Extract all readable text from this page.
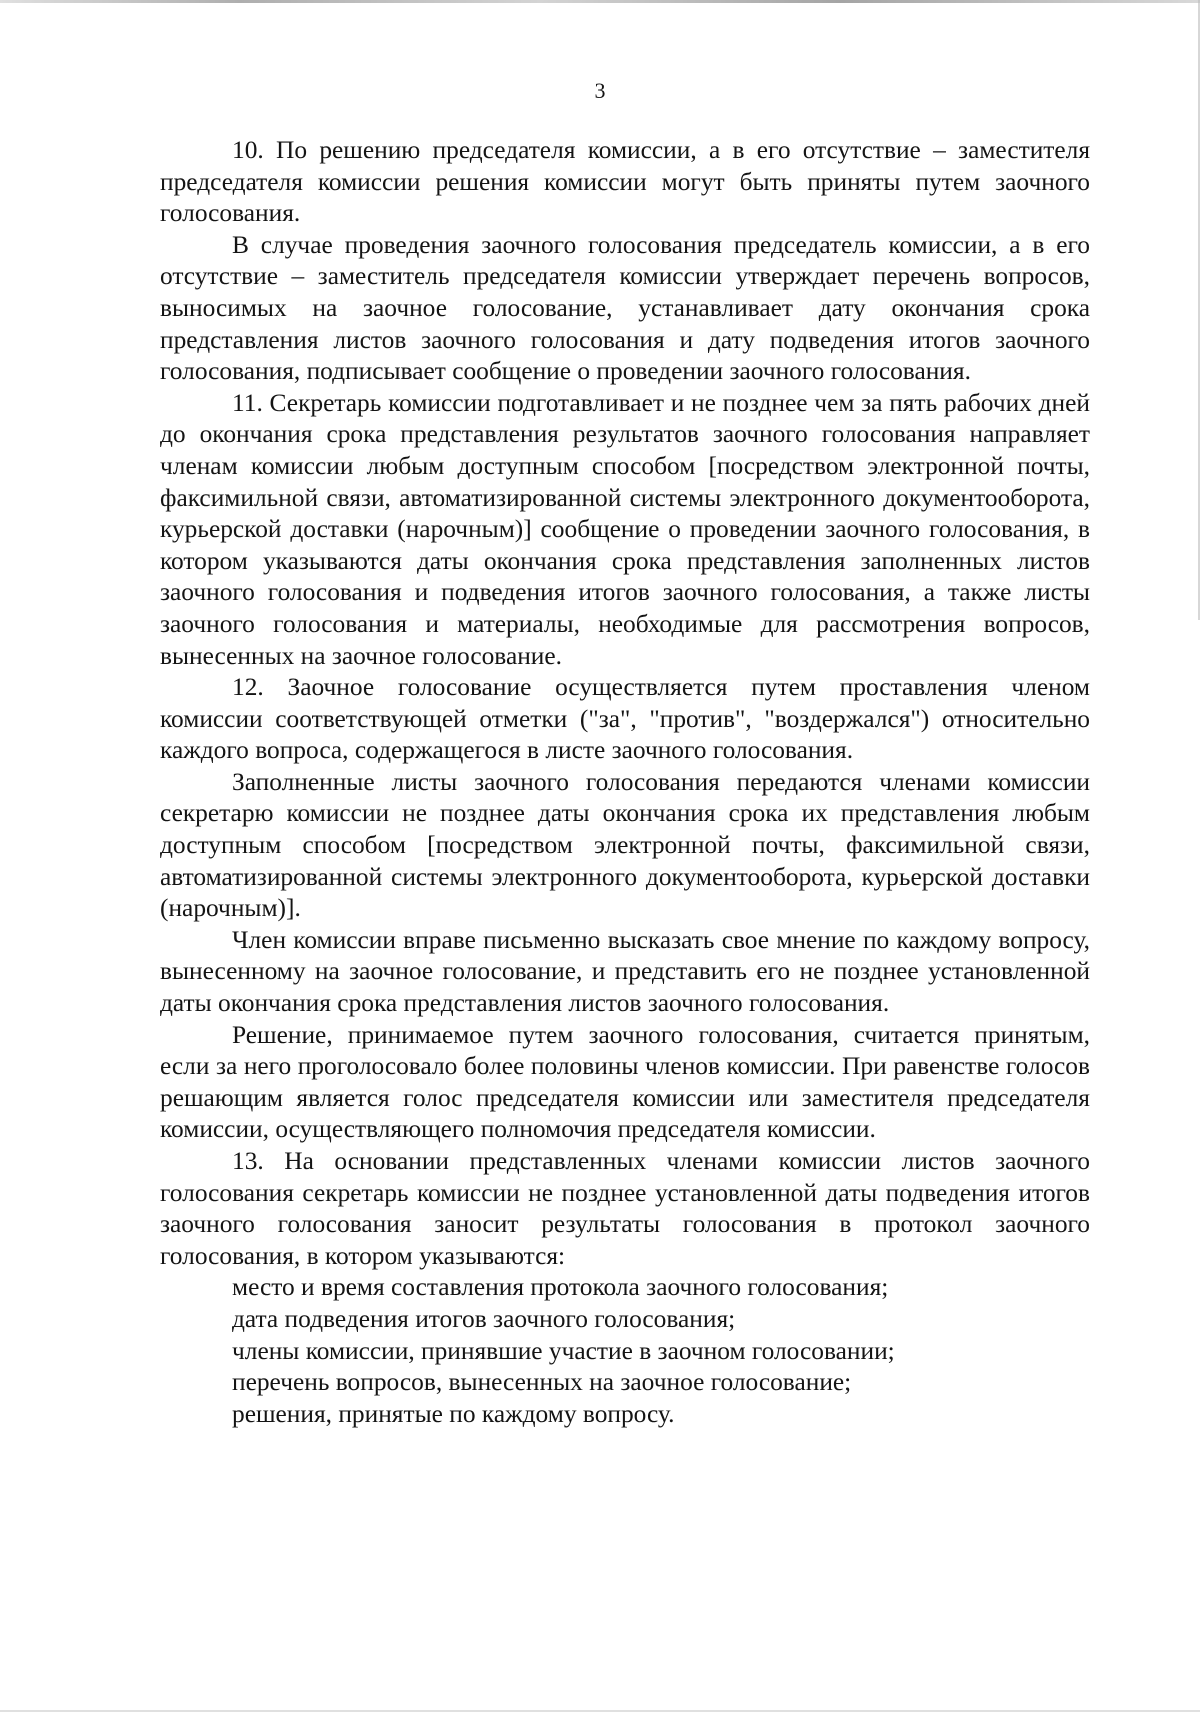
3

10. По решению председателя комиссии, а в его отсутствие – заместителя председателя комиссии решения комиссии могут быть приняты путем заочного голосования.

В случае проведения заочного голосования председатель комиссии, а в его отсутствие – заместитель председателя комиссии утверждает перечень вопросов, выносимых на заочное голосование, устанавливает дату окончания срока представления листов заочного голосования и дату подведения итогов заочного голосования, подписывает сообщение о проведении заочного голосования.

11. Секретарь комиссии подготавливает и не позднее чем за пять рабочих дней до окончания срока представления результатов заочного голосования направляет членам комиссии любым доступным способом [посредством электронной почты, факсимильной связи, автоматизированной системы электронного документооборота, курьерской доставки (нарочным)] сообщение о проведении заочного голосования, в котором указываются даты окончания срока представления заполненных листов заочного голосования и подведения итогов заочного голосования, а также листы заочного голосования и материалы, необходимые для рассмотрения вопросов, вынесенных на заочное голосование.

12. Заочное голосование осуществляется путем проставления членом комиссии соответствующей отметки ("за", "против", "воздержался") относительно каждого вопроса, содержащегося в листе заочного голосования.

Заполненные листы заочного голосования передаются членами комиссии секретарю комиссии не позднее даты окончания срока их представления любым доступным способом [посредством электронной почты, факсимильной связи, автоматизированной системы электронного документооборота, курьерской доставки (нарочным)].

Член комиссии вправе письменно высказать свое мнение по каждому вопросу, вынесенному на заочное голосование, и представить его не позднее установленной даты окончания срока представления листов заочного голосования.

Решение, принимаемое путем заочного голосования, считается принятым, если за него проголосовало более половины членов комиссии. При равенстве голосов решающим является голос председателя комиссии или заместителя председателя комиссии, осуществляющего полномочия председателя комиссии.

13. На основании представленных членами комиссии листов заочного голосования секретарь комиссии не позднее установленной даты подведения итогов заочного голосования заносит результаты голосования в протокол заочного голосования, в котором указываются:

место и время составления протокола заочного голосования;

дата подведения итогов заочного голосования;

члены комиссии, принявшие участие в заочном голосовании;

перечень вопросов, вынесенных на заочное голосование;

решения, принятые по каждому вопросу.
